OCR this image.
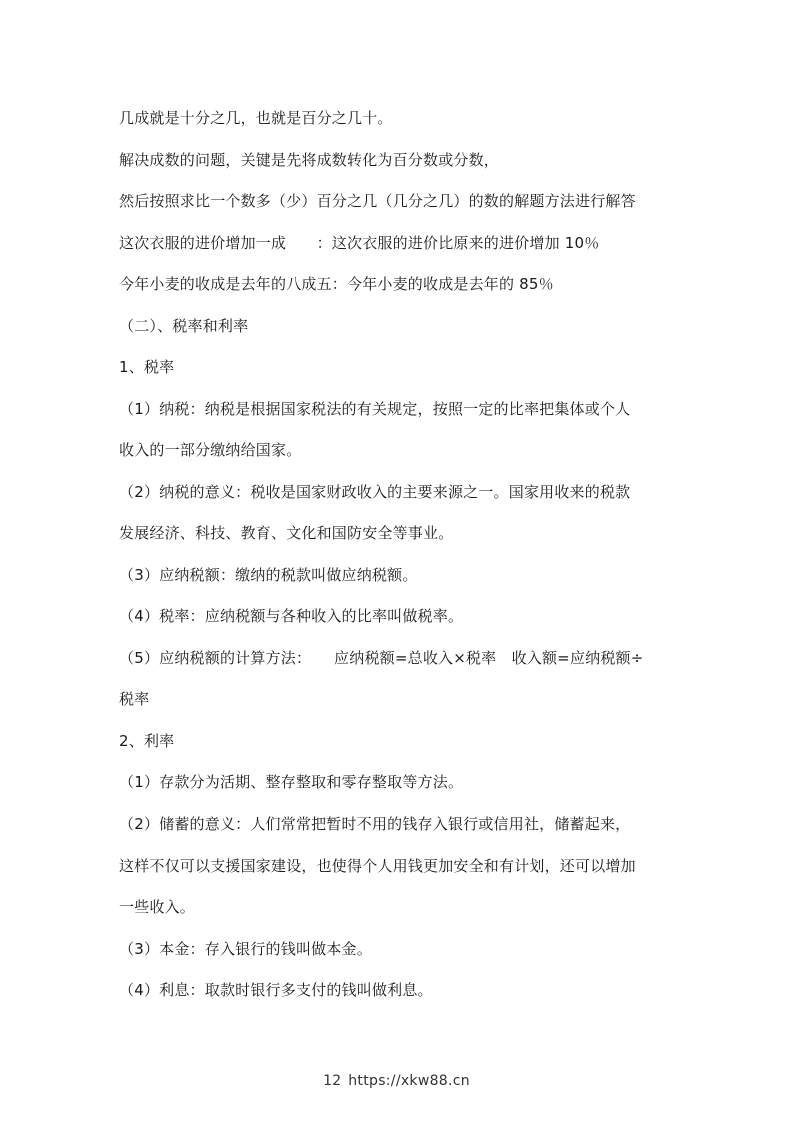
几成就是十分之几，也就是百分之几十。
解决成数的问题，关键是先将成数转化为百分数或分数，
然后按照求比一个数多（少）百分之几（几分之几）的数的解题方法进行解答
这次衣服的进价增加一成　　：这次衣服的进价比原来的进价增加 10％
今年小麦的收成是去年的八成五：今年小麦的收成是去年的 85％
（二）、税率和利率
1、税率
（1）纳税：纳税是根据国家税法的有关规定，按照一定的比率把集体或个人
收入的一部分缴纳给国家。
（2）纳税的意义：税收是国家财政收入的主要来源之一。国家用收来的税款
发展经济、科技、教育、文化和国防安全等事业。
（3）应纳税额：缴纳的税款叫做应纳税额。
（4）税率：应纳税额与各种收入的比率叫做税率。
（5）应纳税额的计算方法：　　应纳税额=总收入×税率　收入额=应纳税额÷
税率
2、利率
（1）存款分为活期、整存整取和零存整取等方法。
（2）储蓄的意义：人们常常把暂时不用的钱存入银行或信用社，储蓄起来，
这样不仅可以支援国家建设，也使得个人用钱更加安全和有计划，还可以增加
一些收入。
（3）本金：存入银行的钱叫做本金。
（4）利息：取款时银行多支付的钱叫做利息。
12 https://xkw88.cn
